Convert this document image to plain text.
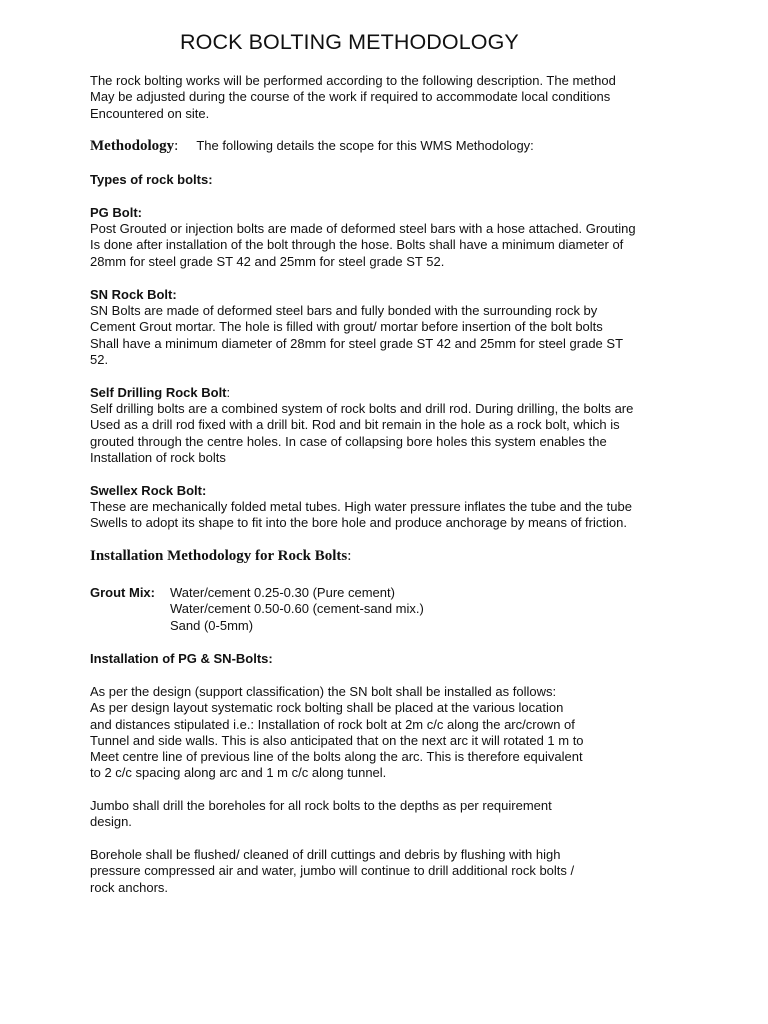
ROCK BOLTING METHODOLOGY
The rock bolting works will be performed according to the following description. The method
May be adjusted during the course of the work if required to accommodate local conditions
Encountered on site.
Methodology: The following details the scope for this WMS Methodology:
Types of rock bolts:
PG Bolt:
Post Grouted or injection bolts are made of deformed steel bars with a hose attached. Grouting
Is done after installation of the bolt through the hose. Bolts shall have a minimum diameter of
28mm for steel grade ST 42 and 25mm for steel grade ST 52.
SN Rock Bolt:
SN Bolts are made of deformed steel bars and fully bonded with the surrounding rock by
Cement Grout mortar. The hole is filled with grout/ mortar before insertion of the bolt bolts
Shall have a minimum diameter of 28mm for steel grade ST 42 and 25mm for steel grade ST
52.
Self Drilling Rock Bolt:
Self drilling bolts are a combined system of rock bolts and drill rod. During drilling, the bolts are
Used as a drill rod fixed with a drill bit. Rod and bit remain in the hole as a rock bolt, which is
grouted through the centre holes. In case of collapsing bore holes this system enables the
Installation of rock bolts
Swellex Rock Bolt:
These are mechanically folded metal tubes. High water pressure inflates the tube and the tube
Swells to adopt its shape to fit into the bore hole and produce anchorage by means of friction.
Installation Methodology for Rock Bolts:
Grout Mix: Water/cement 0.25-0.30 (Pure cement)
Water/cement 0.50-0.60 (cement-sand mix.)
Sand (0-5mm)
Installation of PG & SN-Bolts:
As per the design (support classification) the SN bolt shall be installed as follows:
As per design layout systematic rock bolting shall be placed at the various location
and distances stipulated i.e.: Installation of rock bolt at 2m c/c along the arc/crown of
Tunnel and side walls. This is also anticipated that on the next arc it will rotated 1 m to
Meet centre line of previous line of the bolts along the arc. This is therefore equivalent
to 2 c/c spacing along arc and 1 m c/c along tunnel.
Jumbo shall drill the boreholes for all rock bolts to the depths as per requirement
design.
Borehole shall be flushed/ cleaned of drill cuttings and debris by flushing with high
pressure compressed air and water, jumbo will continue to drill additional rock bolts /
rock anchors.
